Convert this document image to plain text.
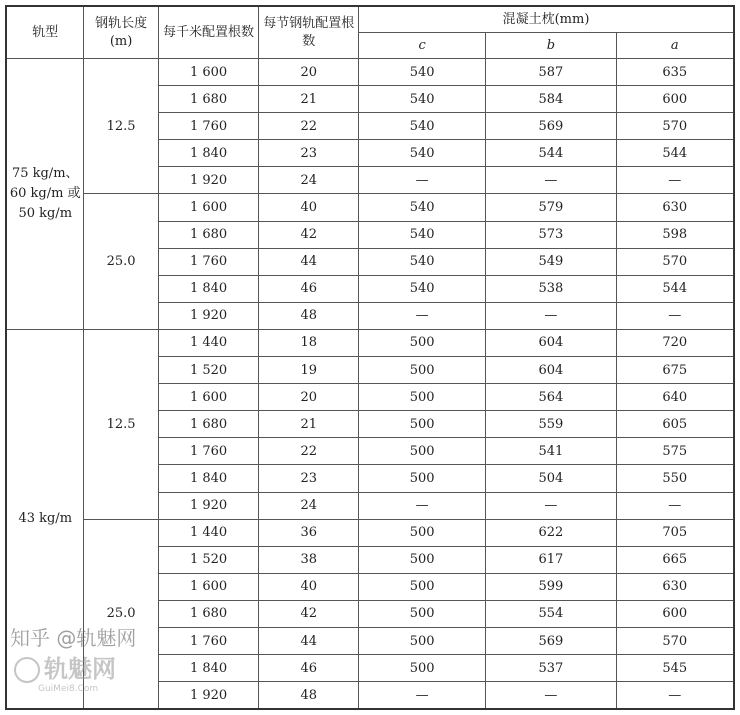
轨型	钢轨长度(m)	每千米配置根数	每节钢轨配置根数	混凝土枕(mm)		
				c	b	a
75 kg/m、60 kg/m 或 50 kg/m	12.5	1 600	20	540	587	635
		1 680	21	540	584	600
		1 760	22	540	569	570
		1 840	23	540	544	544
		1 920	24	—	—	—
	25.0	1 600	40	540	579	630
		1 680	42	540	573	598
		1 760	44	540	549	570
		1 840	46	540	538	544
		1 920	48	—	—	—
43 kg/m	12.5	1 440	18	500	604	720
		1 520	19	500	604	675
		1 600	20	500	564	640
		1 680	21	500	559	605
		1 760	22	500	541	575
		1 840	23	500	504	550
		1 920	24	—	—	—
	25.0	1 440	36	500	622	705
		1 520	38	500	617	665
		1 600	40	500	599	630
		1 680	42	500	554	600
		1 760	44	500	569	570
		1 840	46	500	537	545
		1 920	48	—	—	—
知乎 @轨魅网
轨魅网
GuiMei8.Com
